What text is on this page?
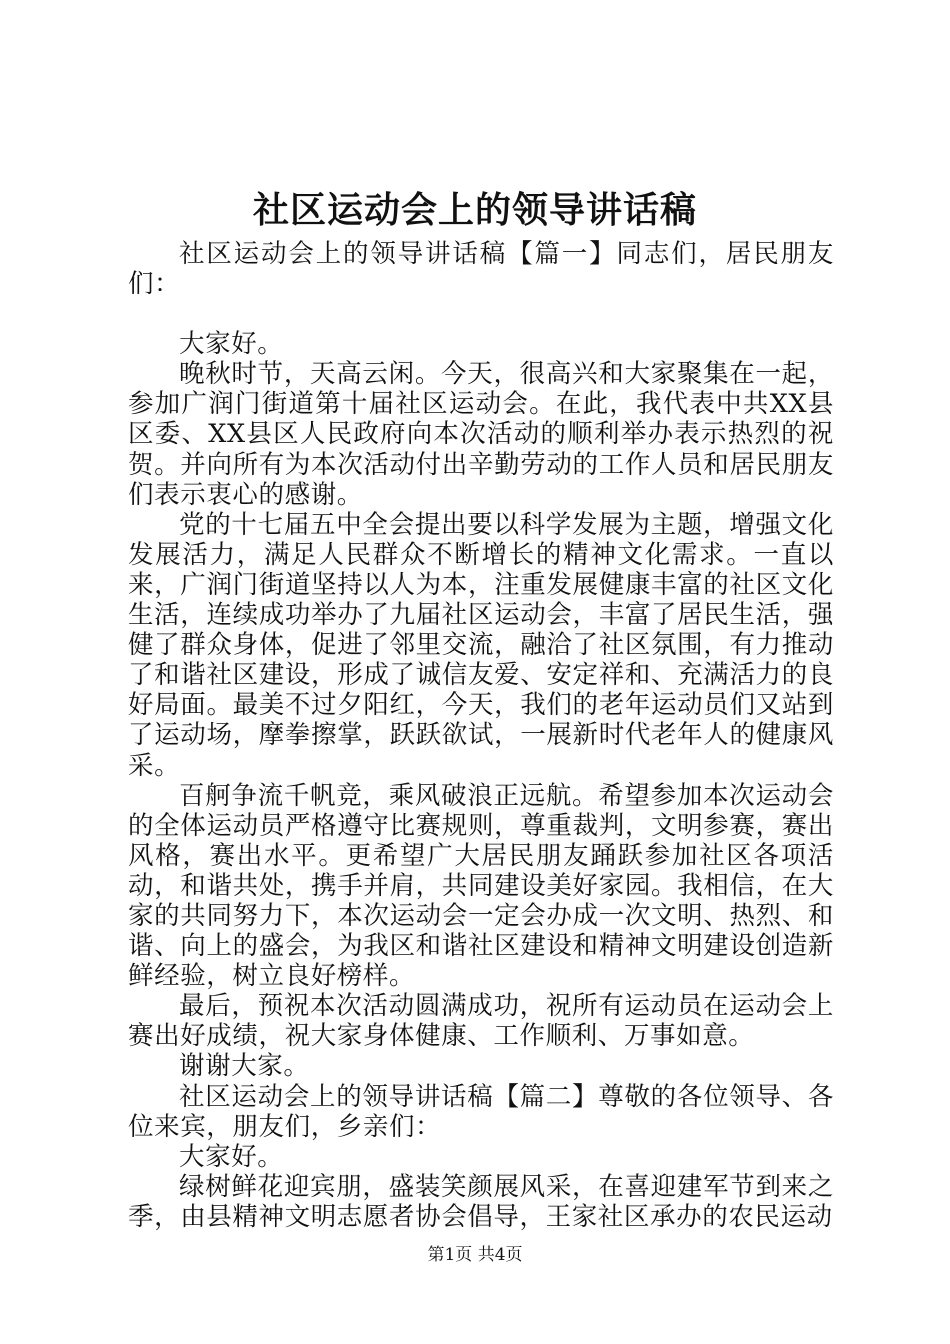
社区运动会上的领导讲话稿

社区运动会上的领导讲话稿【篇一】同志们，居民朋友们：

大家好。

晚秋时节，天高云闲。今天，很高兴和大家聚集在一起，参加广润门街道第十届社区运动会。在此，我代表中共XX县区委、XX县区人民政府向本次活动的顺利举办表示热烈的祝贺。并向所有为本次活动付出辛勤劳动的工作人员和居民朋友们表示衷心的感谢。

党的十七届五中全会提出要以科学发展为主题，增强文化发展活力，满足人民群众不断增长的精神文化需求。一直以来，广润门街道坚持以人为本，注重发展健康丰富的社区文化生活，连续成功举办了九届社区运动会，丰富了居民生活，强健了群众身体，促进了邻里交流，融洽了社区氛围，有力推动了和谐社区建设，形成了诚信友爱、安定祥和、充满活力的良好局面。最美不过夕阳红，今天，我们的老年运动员们又站到了运动场，摩拳擦掌，跃跃欲试，一展新时代老年人的健康风采。

百舸争流千帆竞，乘风破浪正远航。希望参加本次运动会的全体运动员严格遵守比赛规则，尊重裁判，文明参赛，赛出风格，赛出水平。更希望广大居民朋友踊跃参加社区各项活动，和谐共处，携手并肩，共同建设美好家园。我相信，在大家的共同努力下，本次运动会一定会办成一次文明、热烈、和谐、向上的盛会，为我区和谐社区建设和精神文明建设创造新鲜经验，树立良好榜样。

最后，预祝本次活动圆满成功，祝所有运动员在运动会上赛出好成绩，祝大家身体健康、工作顺利、万事如意。

谢谢大家。

社区运动会上的领导讲话稿【篇二】尊敬的各位领导、各位来宾，朋友们，乡亲们：

大家好。

绿树鲜花迎宾朋，盛装笑颜展风采，在喜迎建军节到来之季，由县精神文明志愿者协会倡导，王家社区承办的农民运动

第1页 共4页
